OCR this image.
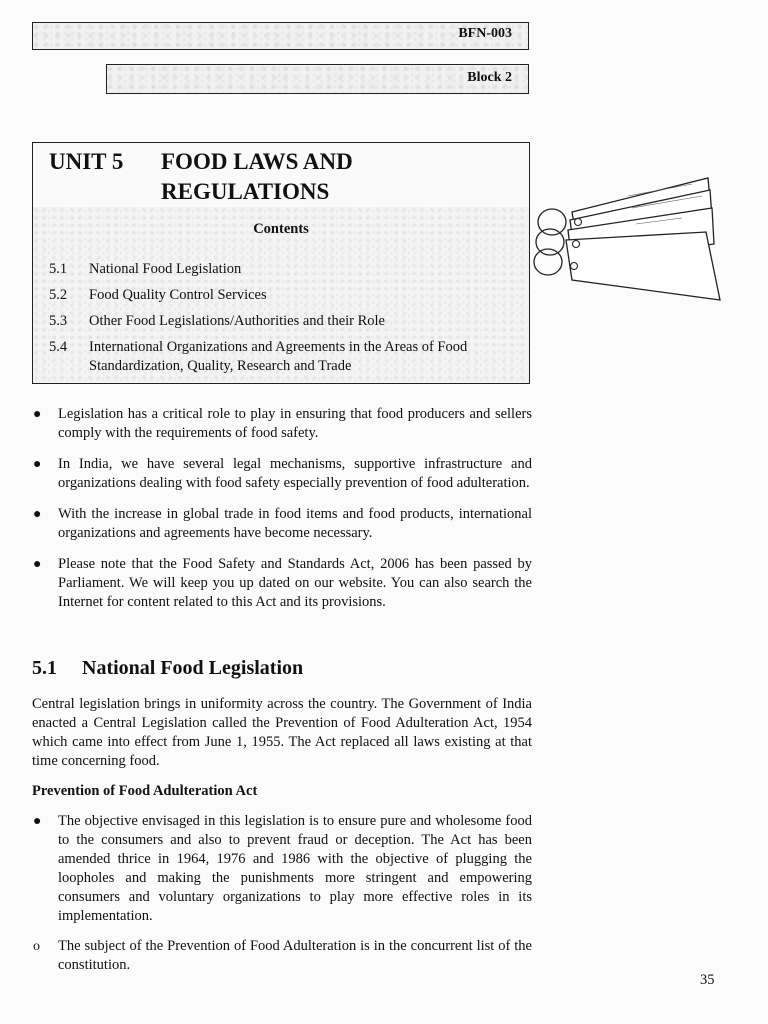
BFN-003
Block 2
UNIT 5 FOOD LAWS AND
REGULATIONS
Contents
5.1 National Food Legislation
5.2 Food Quality Control Services
5.3 Other Food Legislations/Authorities and their Role
5.4 International Organizations and Agreements in the Areas of Food Standardization, Quality, Research and Trade
● Legislation has a critical role to play in ensuring that food producers and sellers comply with the requirements of food safety.
● In India, we have several legal mechanisms, supportive infrastructure and organizations dealing with food safety especially prevention of food adulteration.
● With the increase in global trade in food items and food products, international organizations and agreements have become necessary.
● Please note that the Food Safety and Standards Act, 2006 has been passed by Parliament. We will keep you up dated on our website. You can also search the Internet for content related to this Act and its provisions.
5.1 National Food Legislation

Central legislation brings in uniformity across the country. The Government of India enacted a Central Legislation called the Prevention of Food Adulteration Act, 1954 which came into effect from June 1, 1955. The Act replaced all laws existing at that time concerning food.

Prevention of Food Adulteration Act
● The objective envisaged in this legislation is to ensure pure and wholesome food to the consumers and also to prevent fraud or deception. The Act has been amended thrice in 1964, 1976 and 1986 with the objective of plugging the loopholes and making the punishments more stringent and empowering consumers and voluntary organizations to play more effective roles in its implementation.
o The subject of the Prevention of Food Adulteration is in the concurrent list of the constitution.
35
